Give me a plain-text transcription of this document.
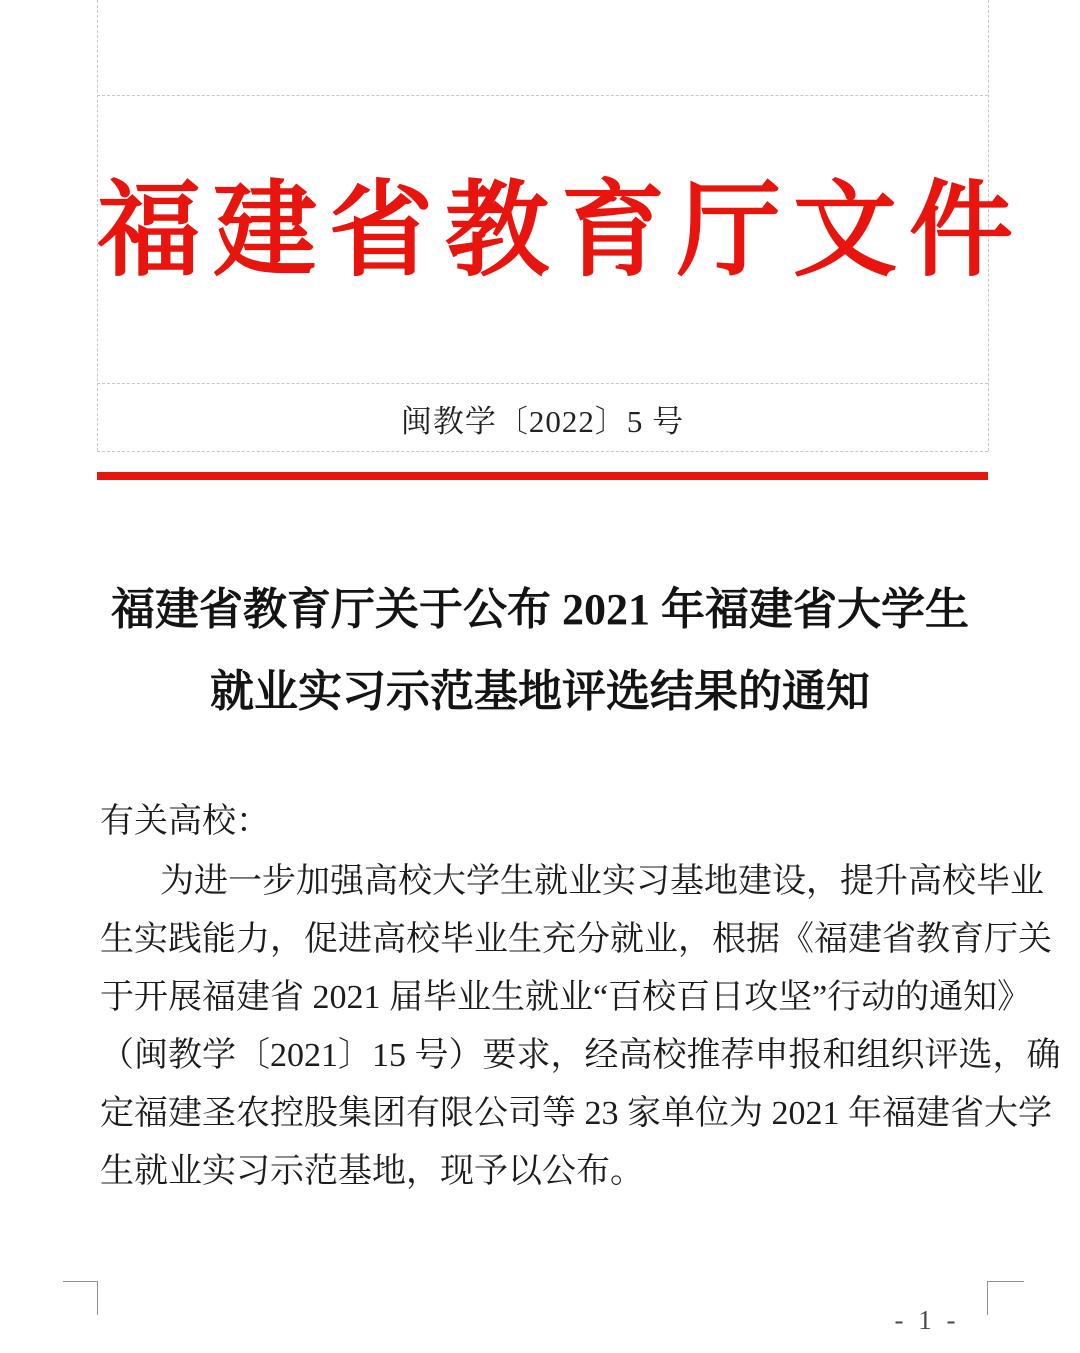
福建省教育厅文件
闽教学〔2022〕5 号
福建省教育厅关于公布 2021 年福建省大学生
就业实习示范基地评选结果的通知
有关高校：
为进一步加强高校大学生就业实习基地建设，提升高校毕业
生实践能力，促进高校毕业生充分就业，根据《福建省教育厅关
于开展福建省 2021 届毕业生就业“百校百日攻坚”行动的通知》
（闽教学〔2021〕15 号）要求，经高校推荐申报和组织评选，确
定福建圣农控股集团有限公司等 23 家单位为 2021 年福建省大学
生就业实习示范基地，现予以公布。
- 1 -
